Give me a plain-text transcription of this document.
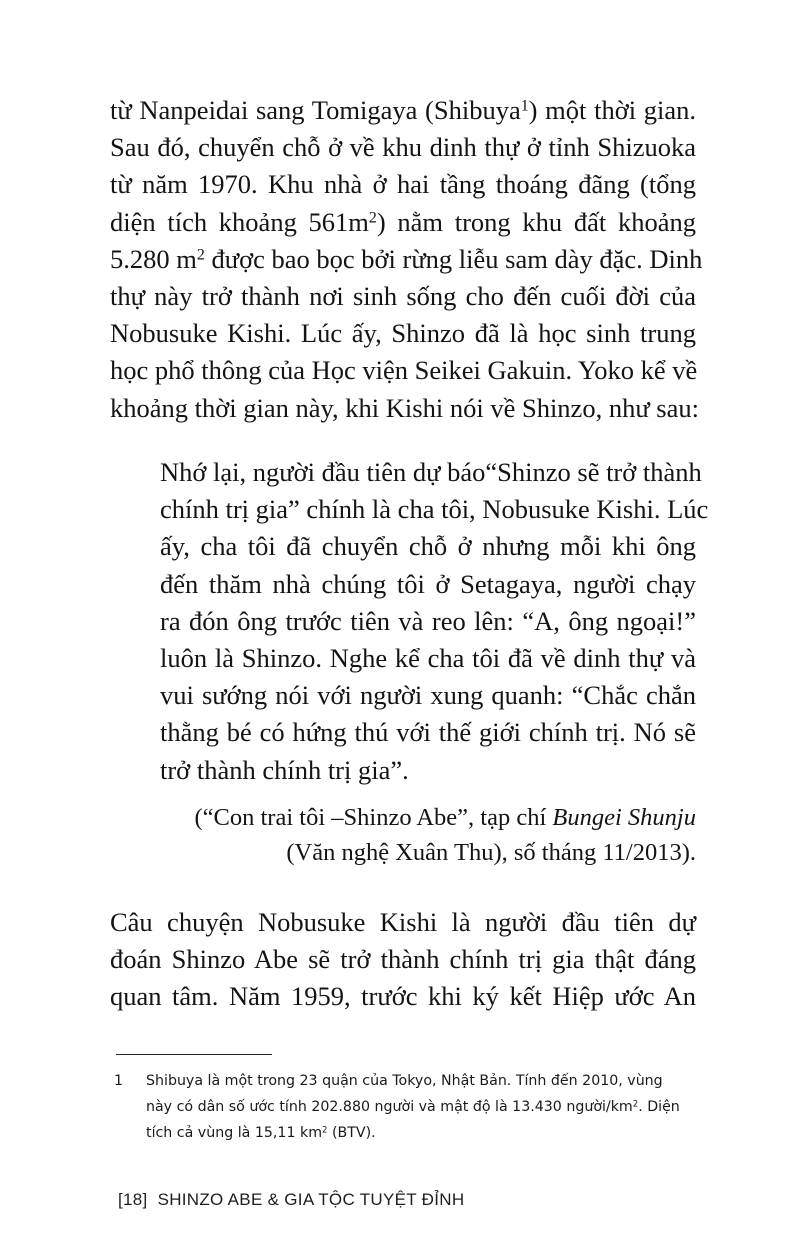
từ Nanpeidai sang Tomigaya (Shibuya$^1$) một thời gian.
Sau đó, chuyển chỗ ở về khu dinh thự ở tỉnh Shizuoka
từ năm 1970. Khu nhà ở hai tầng thoáng đãng (tổng
diện tích khoảng $561m^2$) nằm trong khu đất khoảng
5.280 $m^2$ được bao bọc bởi rừng liễu sam dày đặc. Dinh
thự này trở thành nơi sinh sống cho đến cuối đời của
Nobusuke Kishi. Lúc ấy, Shinzo đã là học sinh trung
học phổ thông của Học viện Seikei Gakuin. Yoko kể về
khoảng thời gian này, khi Kishi nói về Shinzo, như sau:
Nhớ lại, người đầu tiên dự báo“Shinzo sẽ trở thành
chính trị gia” chính là cha tôi, Nobusuke Kishi. Lúc
ấy, cha tôi đã chuyển chỗ ở nhưng mỗi khi ông
đến thăm nhà chúng tôi ở Setagaya, người chạy
ra đón ông trước tiên và reo lên: “A, ông ngoại!”
luôn là Shinzo. Nghe kể cha tôi đã về dinh thự và
vui sướng nói với người xung quanh: “Chắc chắn
thằng bé có hứng thú với thế giới chính trị. Nó sẽ
trở thành chính trị gia”.
(“Con trai tôi –Shinzo Abe”, tạp chí Bungei Shunju
(Văn nghệ Xuân Thu), số tháng 11/2013).
Câu chuyện Nobusuke Kishi là người đầu tiên dự
đoán Shinzo Abe sẽ trở thành chính trị gia thật đáng
quan tâm. Năm 1959, trước khi ký kết Hiệp ước An
1 Shibuya là một trong 23 quận của Tokyo, Nhật Bản. Tính đến 2010, vùng
này có dân số ước tính 202.880 người và mật độ là 13.430 người/$km^2$. Diện
tích cả vùng là 15,11 $km^2$ (BTV).
[18] SHINZO ABE & GIA TỘC TUYỆT ĐỈNH
